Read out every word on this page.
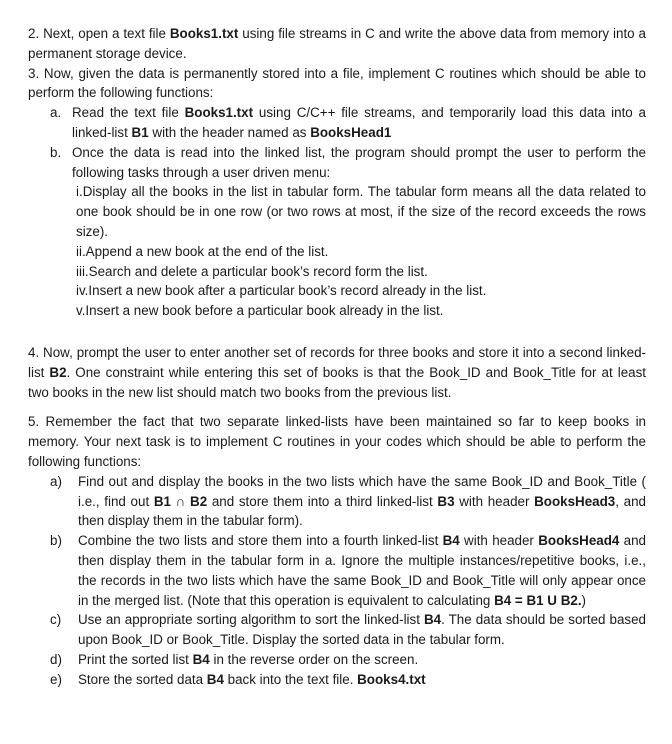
2. Next, open a text file Books1.txt using file streams in C and write the above data from memory into a permanent storage device.

3. Now, given the data is permanently stored into a file, implement C routines which should be able to perform the following functions:

a. Read the text file Books1.txt using C/C++ file streams, and temporarily load this data into a linked-list B1 with the header named as BooksHead1
b. Once the data is read into the linked list, the program should prompt the user to perform the following tasks through a user driven menu:

i.Display all the books in the list in tabular form. The tabular form means all the data related to one book should be in one row (or two rows at most, if the size of the record exceeds the rows size).

ii.Append a new book at the end of the list.

iii.Search and delete a particular book’s record form the list.

iv.Insert a new book after a particular book’s record already in the list.

v.Insert a new book before a particular book already in the list.

4. Now, prompt the user to enter another set of records for three books and store it into a second linked-list B2. One constraint while entering this set of books is that the Book_ID and Book_Title for at least two books in the new list should match two books from the previous list.

5. Remember the fact that two separate linked-lists have been maintained so far to keep books in memory. Your next task is to implement C routines in your codes which should be able to perform the following functions:

a)	Find out and display the books in the two lists which have the same Book_ID and Book_Title ( i.e., find out B1 ∩ B2 and store them into a third linked-list B3 with header BooksHead3, and then display them in the tabular form).
b)	Combine the two lists and store them into a fourth linked-list B4 with header BooksHead4 and then display them in the tabular form in a. Ignore the multiple instances/repetitive books, i.e., the records in the two lists which have the same Book_ID and Book_Title will only appear once in the merged list. (Note that this operation is equivalent to calculating B4 = B1 U B2.)
c)	Use an appropriate sorting algorithm to sort the linked-list B4. The data should be sorted based upon Book_ID or Book_Title. Display the sorted data in the tabular form.
d)	Print the sorted list B4 in the reverse order on the screen.
e)	Store the sorted data B4 back into the text file. Books4.txt
